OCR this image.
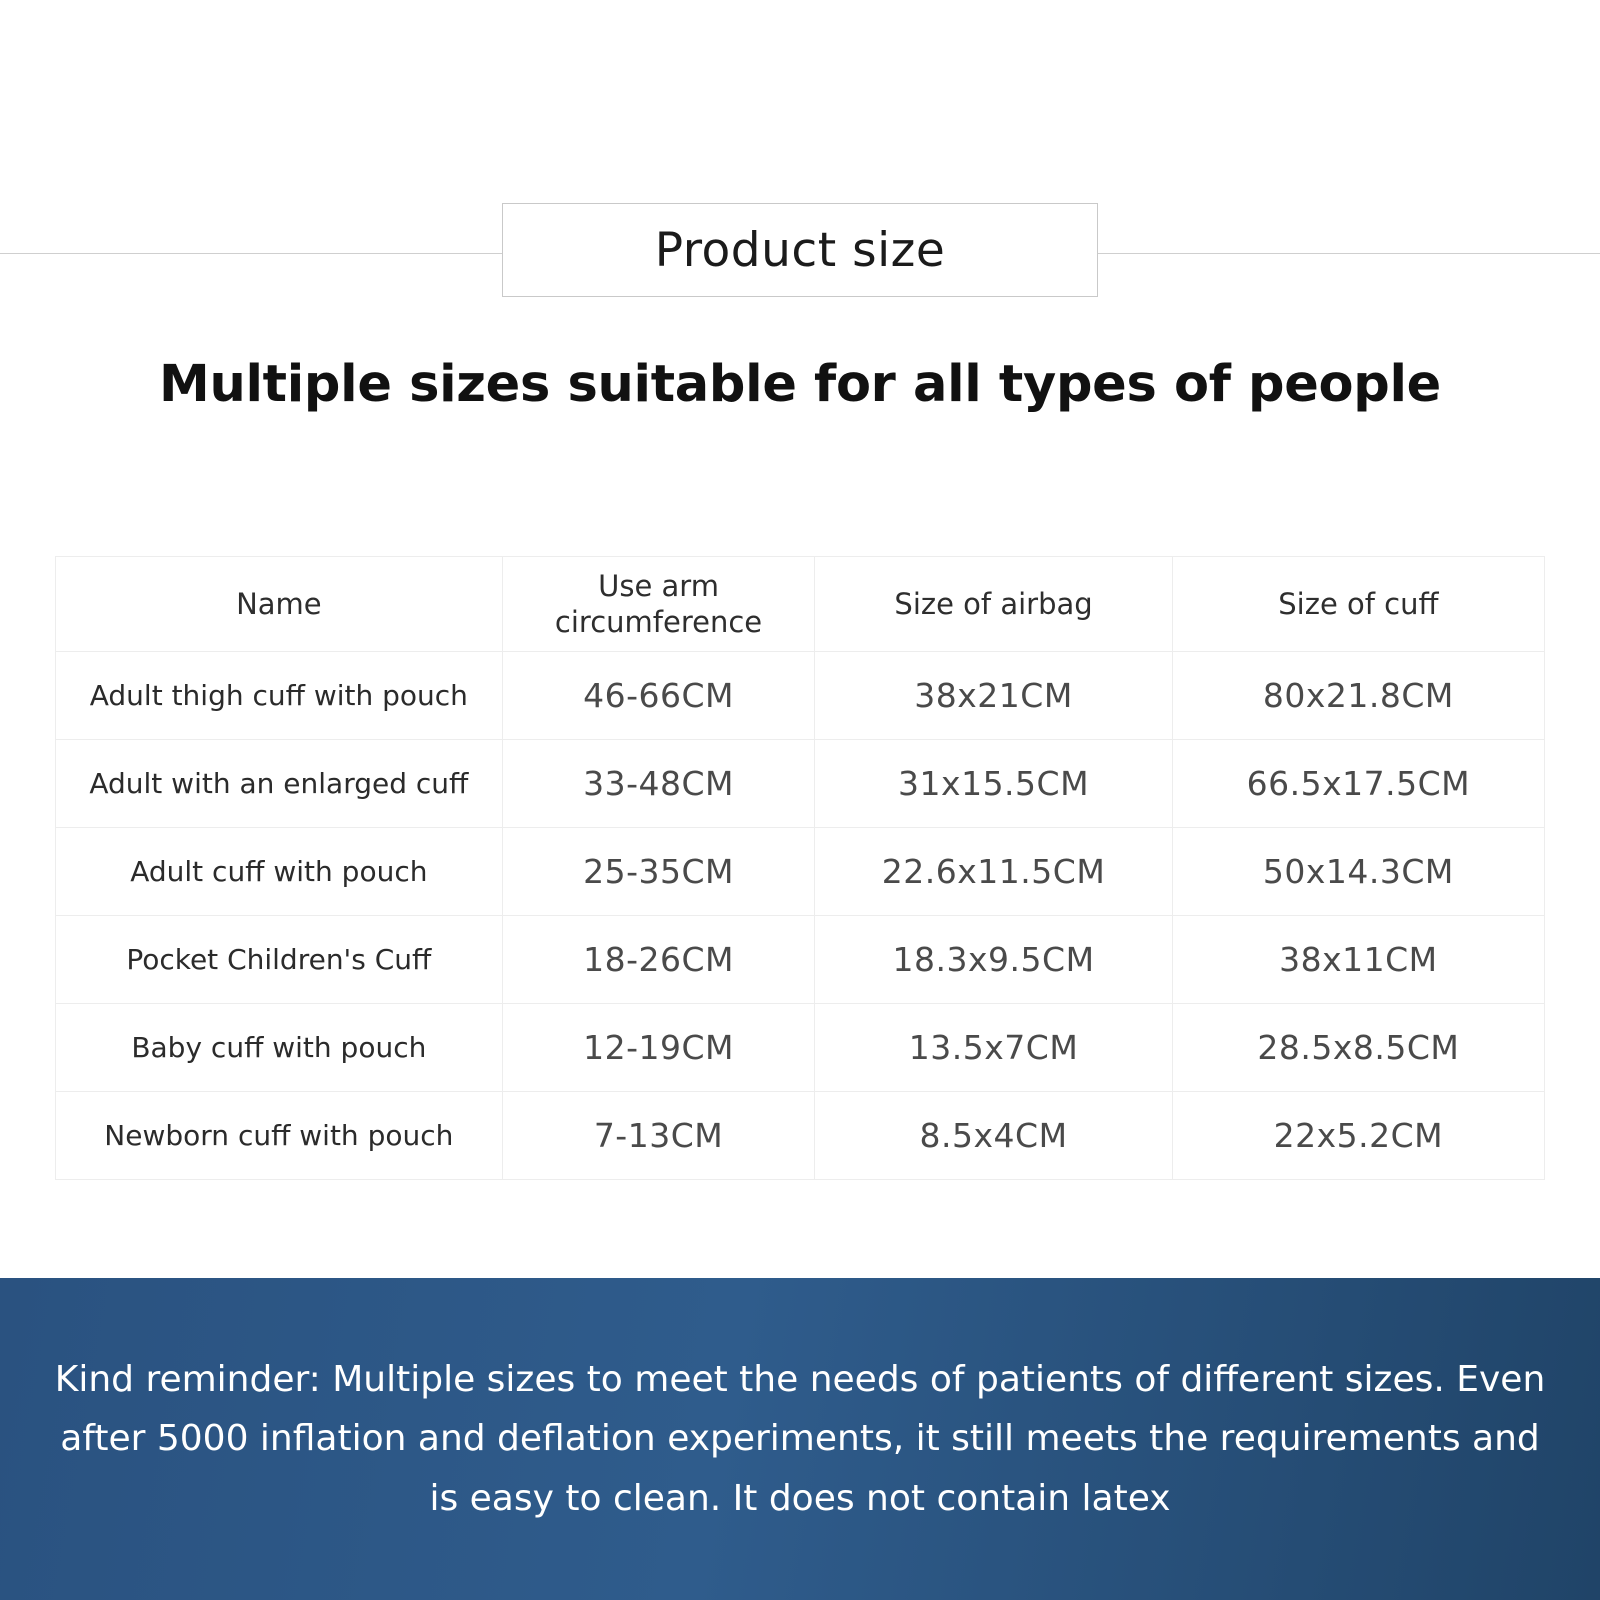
Product size
Multiple sizes suitable for all types of people
Name	Use arm circumference	Size of airbag	Size of cuff
Adult thigh cuff with pouch	46-66CM	38x21CM	80x21.8CM
Adult with an enlarged cuff	33-48CM	31x15.5CM	66.5x17.5CM
Adult cuff with pouch	25-35CM	22.6x11.5CM	50x14.3CM
Pocket Children's Cuff	18-26CM	18.3x9.5CM	38x11CM
Baby cuff with pouch	12-19CM	13.5x7CM	28.5x8.5CM
Newborn cuff with pouch	7-13CM	8.5x4CM	22x5.2CM

Kind reminder: Multiple sizes to meet the needs of patients of different sizes. Even after 5000 inflation and deflation experiments, it still meets the requirements and is easy to clean. It does not contain latex
